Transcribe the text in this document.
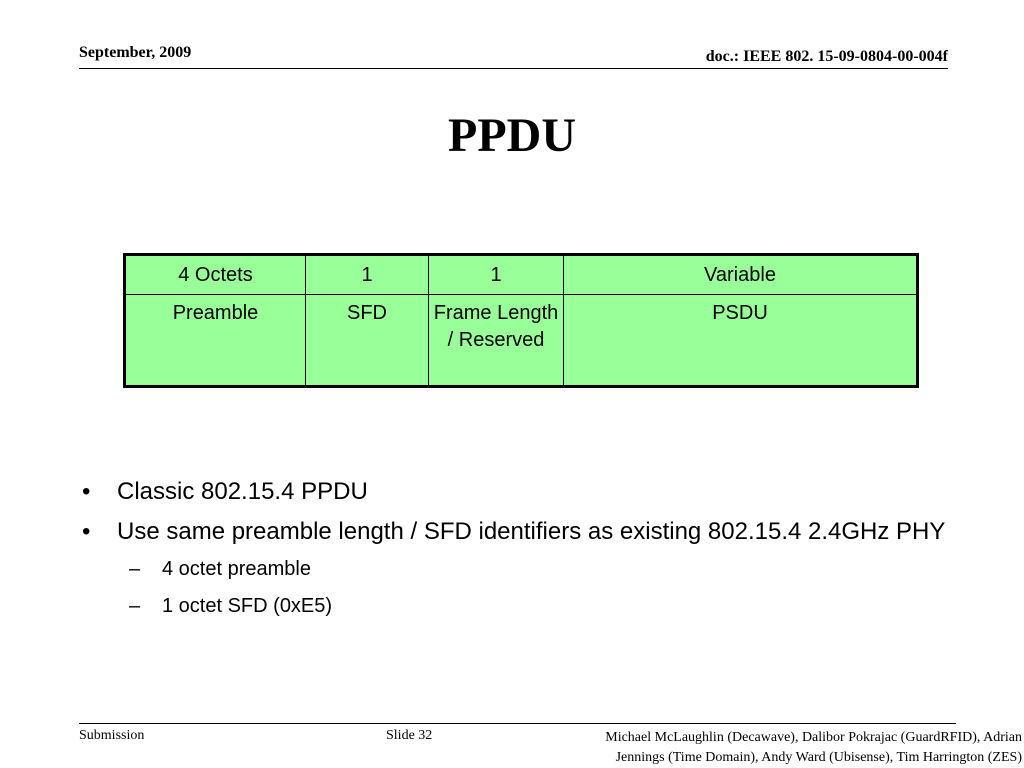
September, 2009	doc.: IEEE 802. 15-09-0804-00-004f
PPDU
4 Octets	1	1	Variable
Preamble	SFD	Frame Length / Reserved	PSDU
• Classic 802.15.4 PPDU
• Use same preamble length / SFD identifiers as existing 802.15.4 2.4GHz PHY
– 4 octet preamble
– 1 octet SFD (0xE5)
Submission	Slide 32	Michael McLaughlin (Decawave), Dalibor Pokrajac (GuardRFID), Adrian
Jennings (Time Domain), Andy Ward (Ubisense), Tim Harrington (ZES)
